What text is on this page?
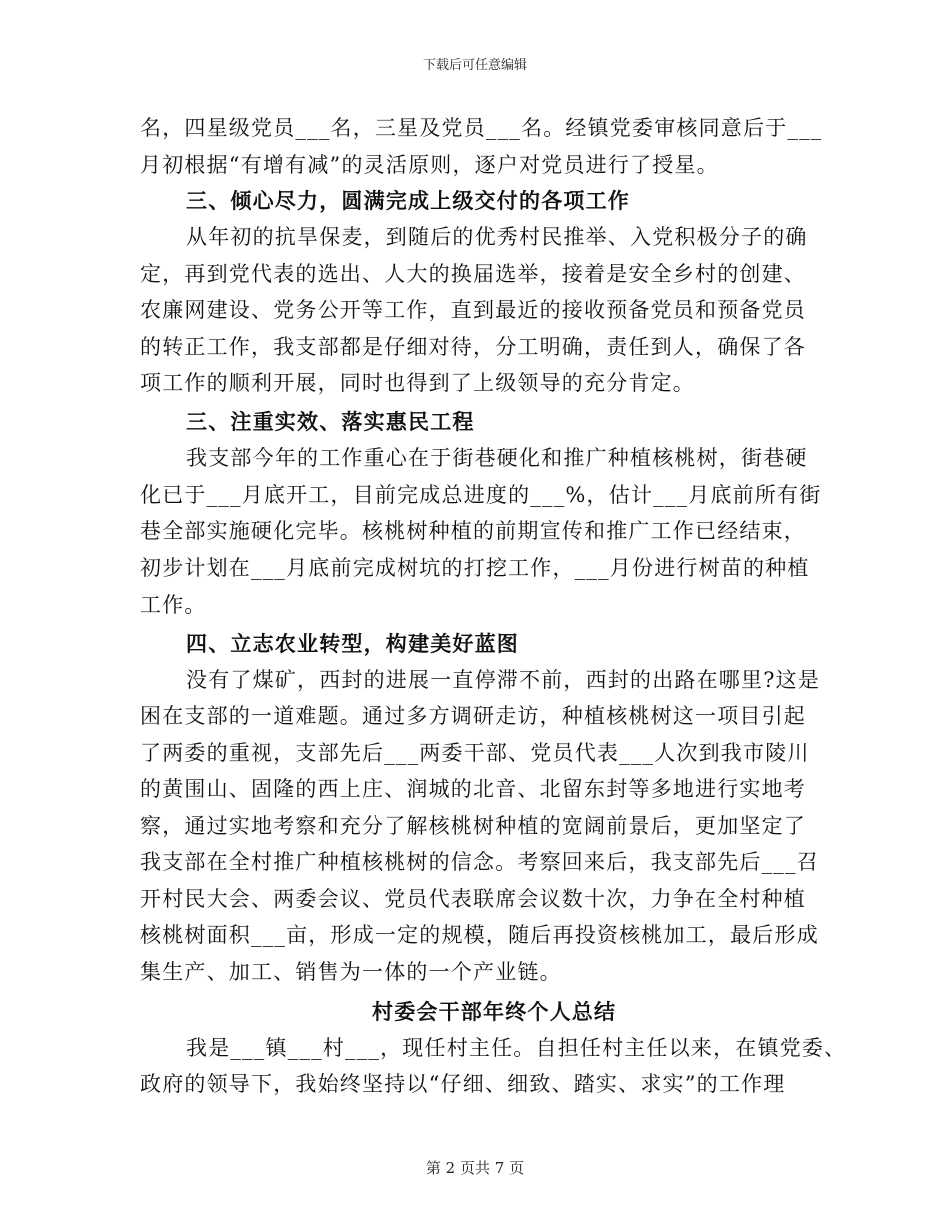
下载后可任意编辑
名，四星级党员___名，三星及党员___名。经镇党委审核同意后于___
月初根据“有增有减”的灵活原则，逐户对党员进行了授星。
三、倾心尽力，圆满完成上级交付的各项工作
从年初的抗旱保麦，到随后的优秀村民推举、入党积极分子的确
定，再到党代表的选出、人大的换届选举，接着是安全乡村的创建、
农廉网建设、党务公开等工作，直到最近的接收预备党员和预备党员
的转正工作，我支部都是仔细对待，分工明确，责任到人，确保了各
项工作的顺利开展，同时也得到了上级领导的充分肯定。
三、注重实效、落实惠民工程
我支部今年的工作重心在于街巷硬化和推广种植核桃树，街巷硬
化已于___月底开工，目前完成总进度的___%，估计___月底前所有街
巷全部实施硬化完毕。核桃树种植的前期宣传和推广工作已经结束，
初步计划在___月底前完成树坑的打挖工作，___月份进行树苗的种植
工作。
四、立志农业转型，构建美好蓝图
没有了煤矿，西封的进展一直停滞不前，西封的出路在哪里?这是
困在支部的一道难题。通过多方调研走访，种植核桃树这一项目引起
了两委的重视，支部先后___两委干部、党员代表___人次到我市陵川
的黄围山、固隆的西上庄、润城的北音、北留东封等多地进行实地考
察，通过实地考察和充分了解核桃树种植的宽阔前景后，更加坚定了
我支部在全村推广种植核桃树的信念。考察回来后，我支部先后___召
开村民大会、两委会议、党员代表联席会议数十次，力争在全村种植
核桃树面积___亩，形成一定的规模，随后再投资核桃加工，最后形成
集生产、加工、销售为一体的一个产业链。
村委会干部年终个人总结
我是___镇___村___，现任村主任。自担任村主任以来，在镇党委、
政府的领导下，我始终坚持以“仔细、细致、踏实、求实”的工作理
第 2 页共 7 页
